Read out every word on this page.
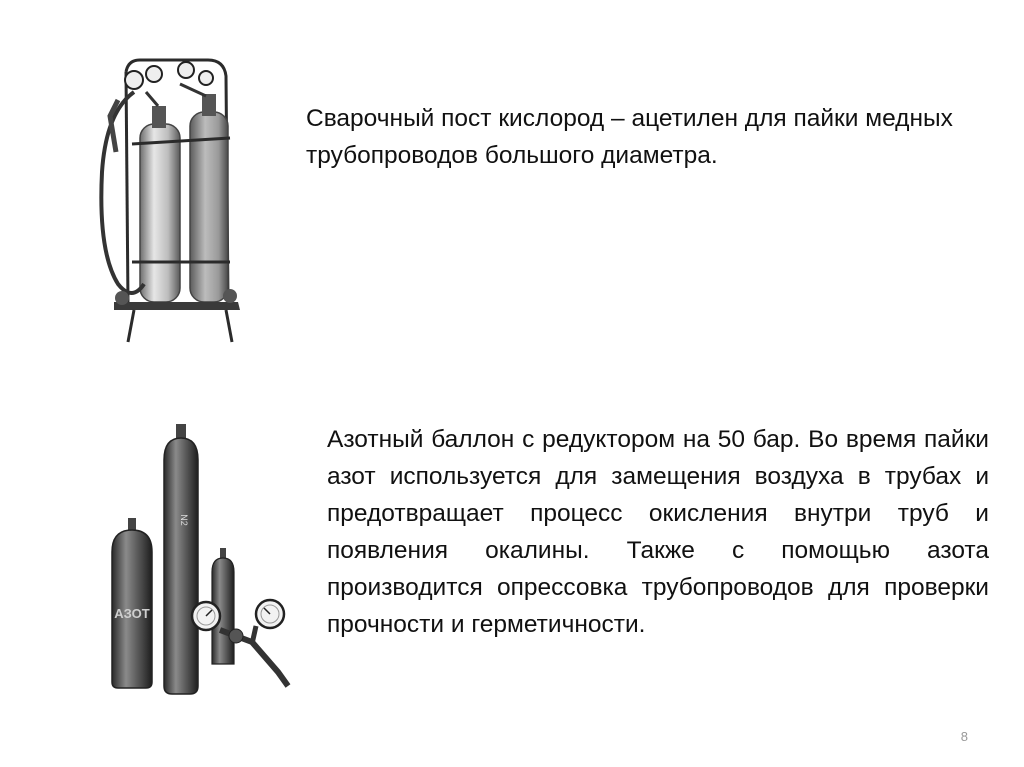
Сварочный пост кислород – ацетилен для пайки медных трубопроводов большого диаметра.
N2
АЗОТ
Азотный баллон с редуктором на 50 бар. Во время пайки азот используется для замещения воздуха в трубах и предотвращает процесс окисления внутри труб и появления окалины. Также с помощью азота производится опрессовка трубопроводов для проверки прочности и герметичности.
8
